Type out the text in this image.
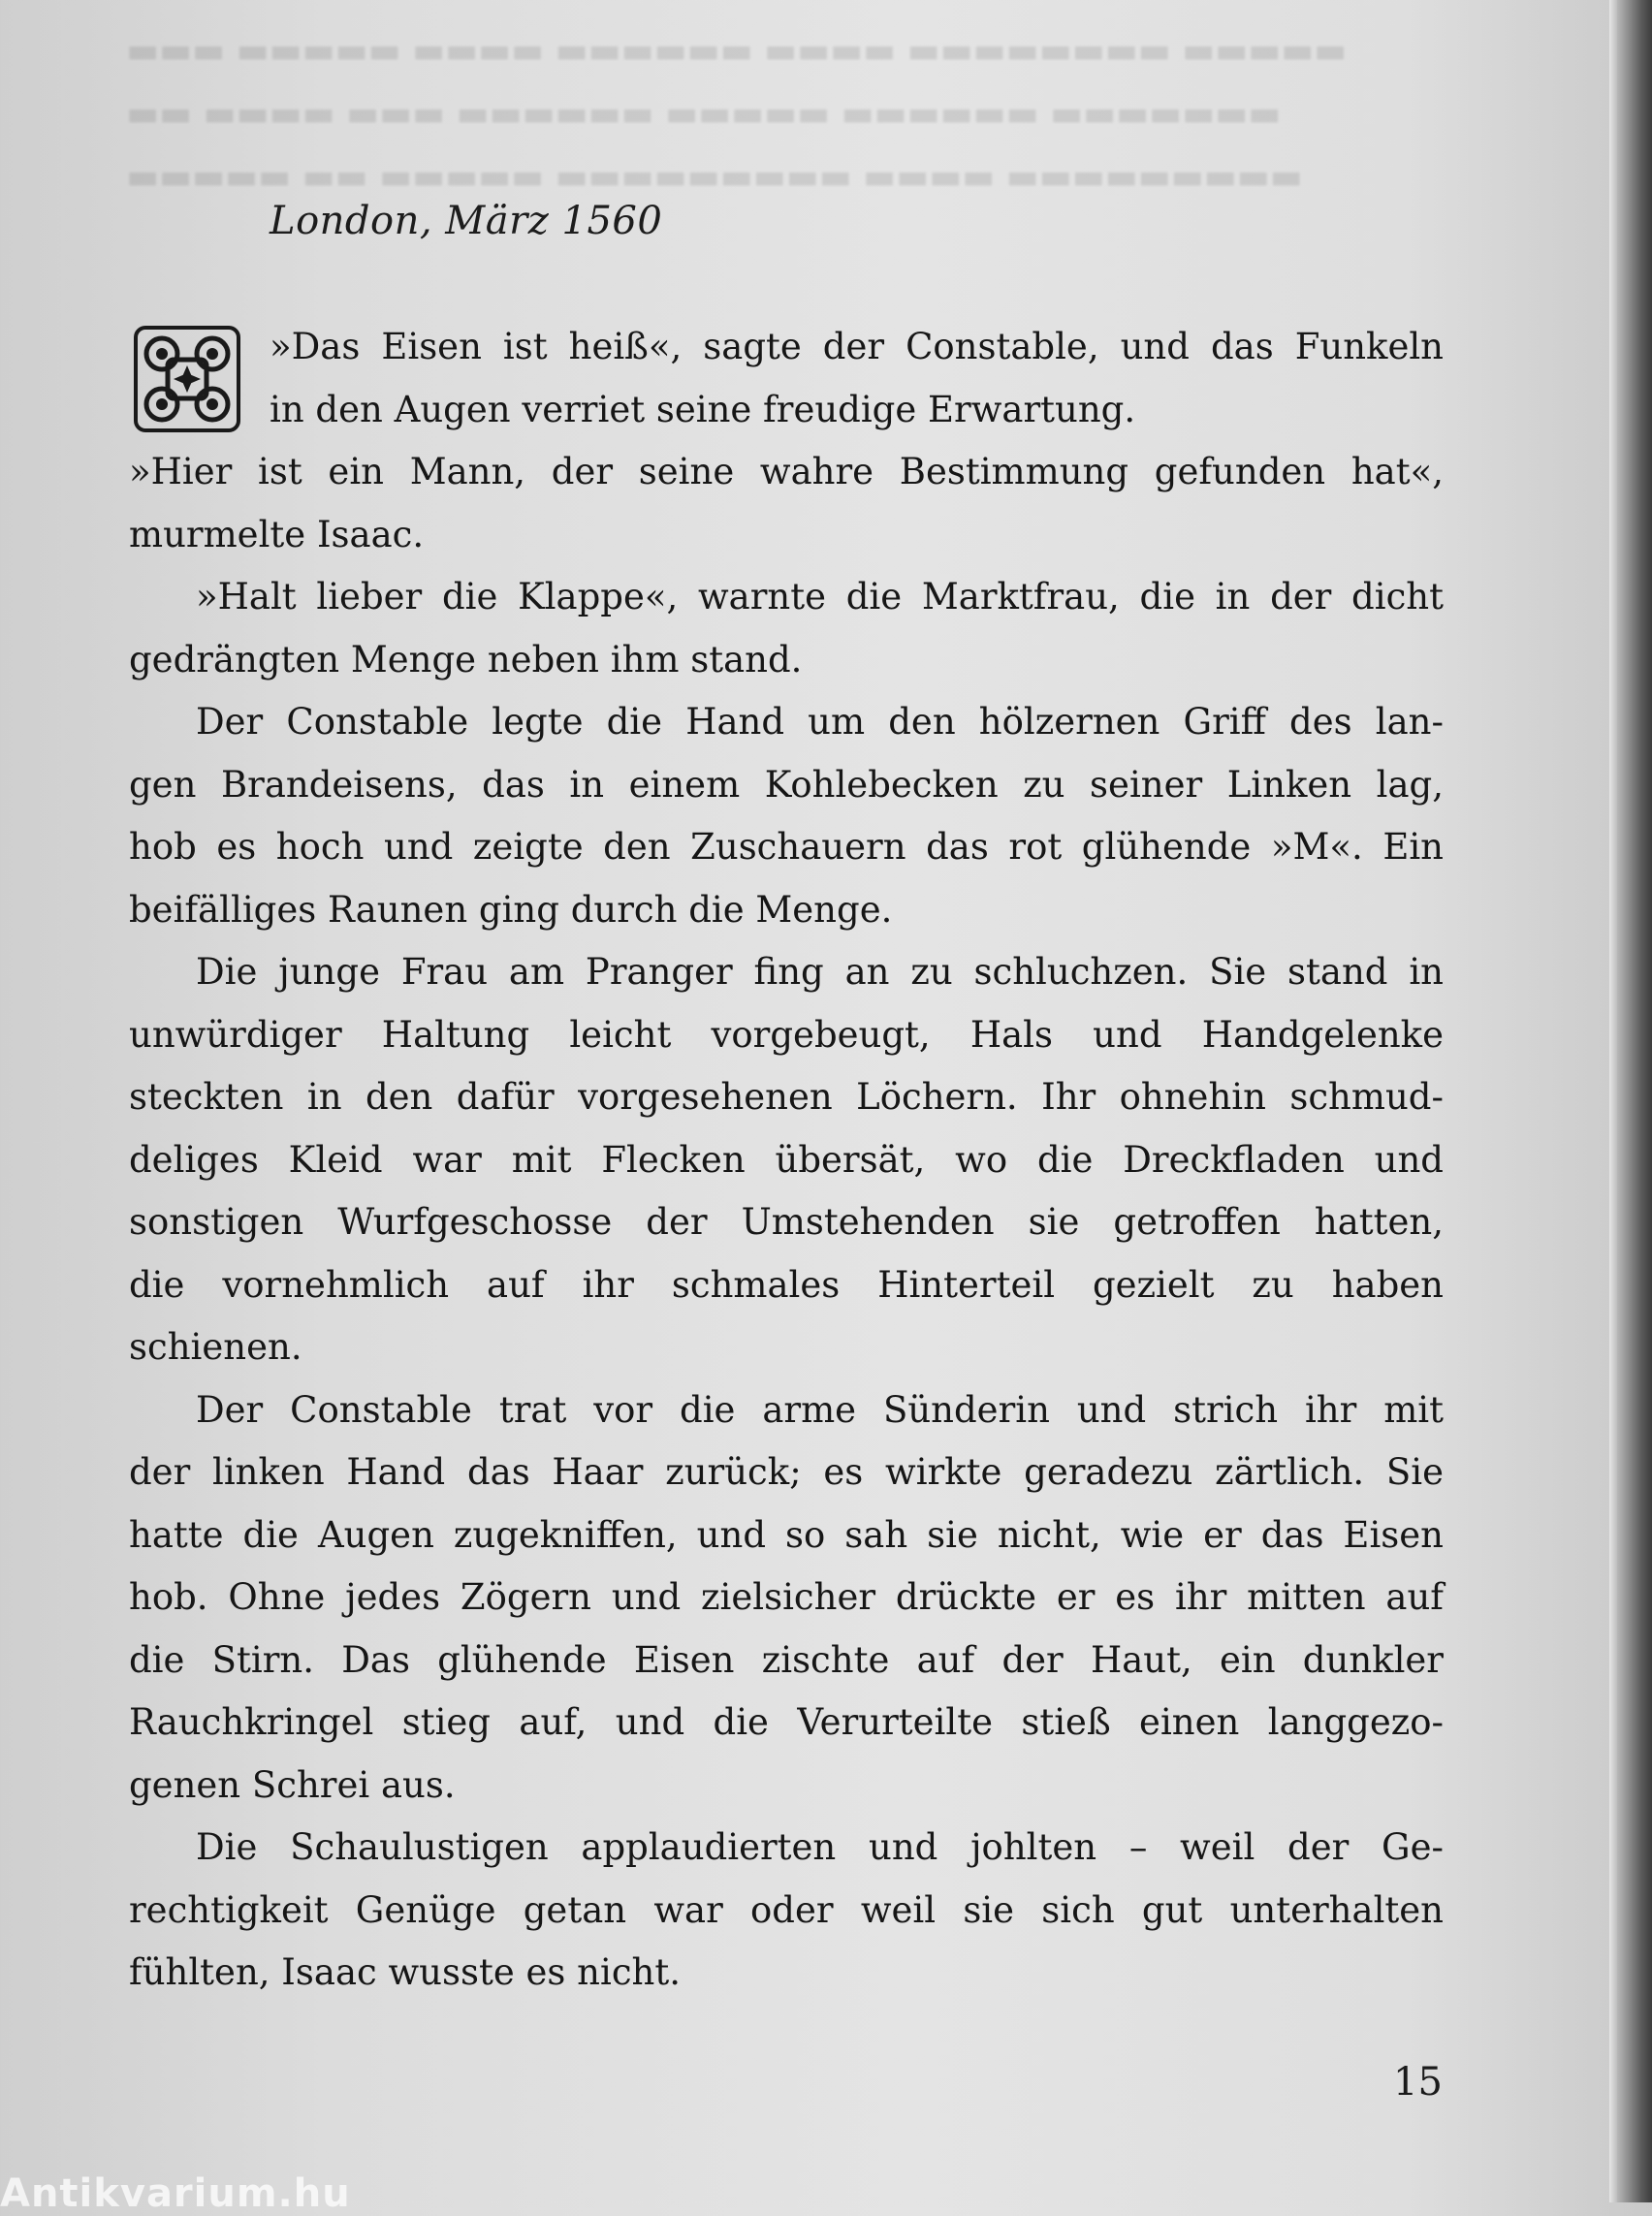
▬▬▬ ▬▬▬▬▬ ▬▬▬▬ ▬▬▬▬▬▬ ▬▬▬▬ ▬▬▬▬▬▬▬▬ ▬▬▬▬▬
▬▬ ▬▬▬▬ ▬▬▬ ▬▬▬▬▬▬ ▬▬▬▬▬ ▬▬▬▬▬▬ ▬▬▬▬▬▬▬
▬▬▬▬▬ ▬▬ ▬▬▬▬▬ ▬▬▬▬▬▬▬▬▬ ▬▬▬▬ ▬▬▬▬▬▬▬▬▬
London, März 1560
»Das Eisen ist heiß«, sagte der Constable, und das Funkeln
in den Augen verriet seine freudige Erwartung.
»Hier ist ein Mann, der seine wahre Bestimmung gefunden hat«,
murmelte Isaac.
»Halt lieber die Klappe«, warnte die Marktfrau, die in der dicht
gedrängten Menge neben ihm stand.
Der Constable legte die Hand um den hölzernen Griff des lan-
gen Brandeisens, das in einem Kohlebecken zu seiner Linken lag,
hob es hoch und zeigte den Zuschauern das rot glühende »M«. Ein
beifälliges Raunen ging durch die Menge.
Die junge Frau am Pranger fing an zu schluchzen. Sie stand in
unwürdiger Haltung leicht vorgebeugt, Hals und Handgelenke
steckten in den dafür vorgesehenen Löchern. Ihr ohnehin schmud-
deliges Kleid war mit Flecken übersät, wo die Dreckfladen und
sonstigen Wurfgeschosse der Umstehenden sie getroffen hatten,
die vornehmlich auf ihr schmales Hinterteil gezielt zu haben
schienen.
Der Constable trat vor die arme Sünderin und strich ihr mit
der linken Hand das Haar zurück; es wirkte geradezu zärtlich. Sie
hatte die Augen zugekniffen, und so sah sie nicht, wie er das Eisen
hob. Ohne jedes Zögern und zielsicher drückte er es ihr mitten auf
die Stirn. Das glühende Eisen zischte auf der Haut, ein dunkler
Rauchkringel stieg auf, und die Verurteilte stieß einen langgezo-
genen Schrei aus.
Die Schaulustigen applaudierten und johlten – weil der Ge-
rechtigkeit Genüge getan war oder weil sie sich gut unterhalten
fühlten, Isaac wusste es nicht.
15
Antikvarium.hu
